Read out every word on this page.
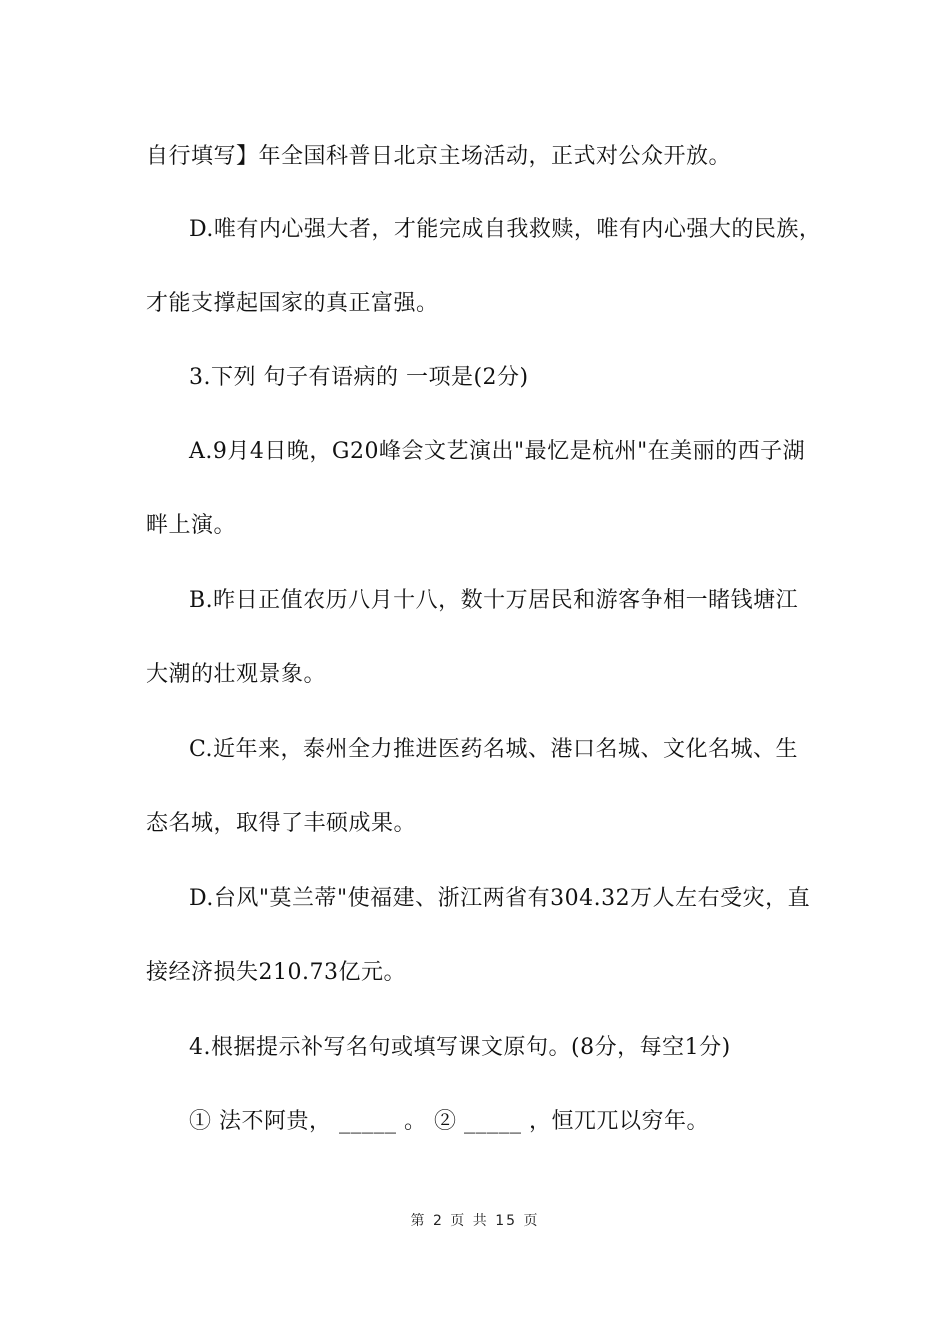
自行填写】年全国科普日北京主场活动，正式对公众开放。
D.唯有内心强大者，才能完成自我救赎，唯有内心强大的民族，
才能支撑起国家的真正富强。
3.下列 句子有语病的 一项是(2分)
A.9月4日晚，G20峰会文艺演出"最忆是杭州"在美丽的西子湖
畔上演。
B.昨日正值农历八月十八，数十万居民和游客争相一睹钱塘江
大潮的壮观景象。
C.近年来，泰州全力推进医药名城、港口名城、文化名城、生
态名城，取得了丰硕成果。
D.台风"莫兰蒂"使福建、浙江两省有304.32万人左右受灾，直
接经济损失210.73亿元。
4.根据提示补写名句或填写课文原句。(8分，每空1分)
① 法不阿贵， _____ 。 ② _____ ，恒兀兀以穷年。
第 2 页 共 15 页
